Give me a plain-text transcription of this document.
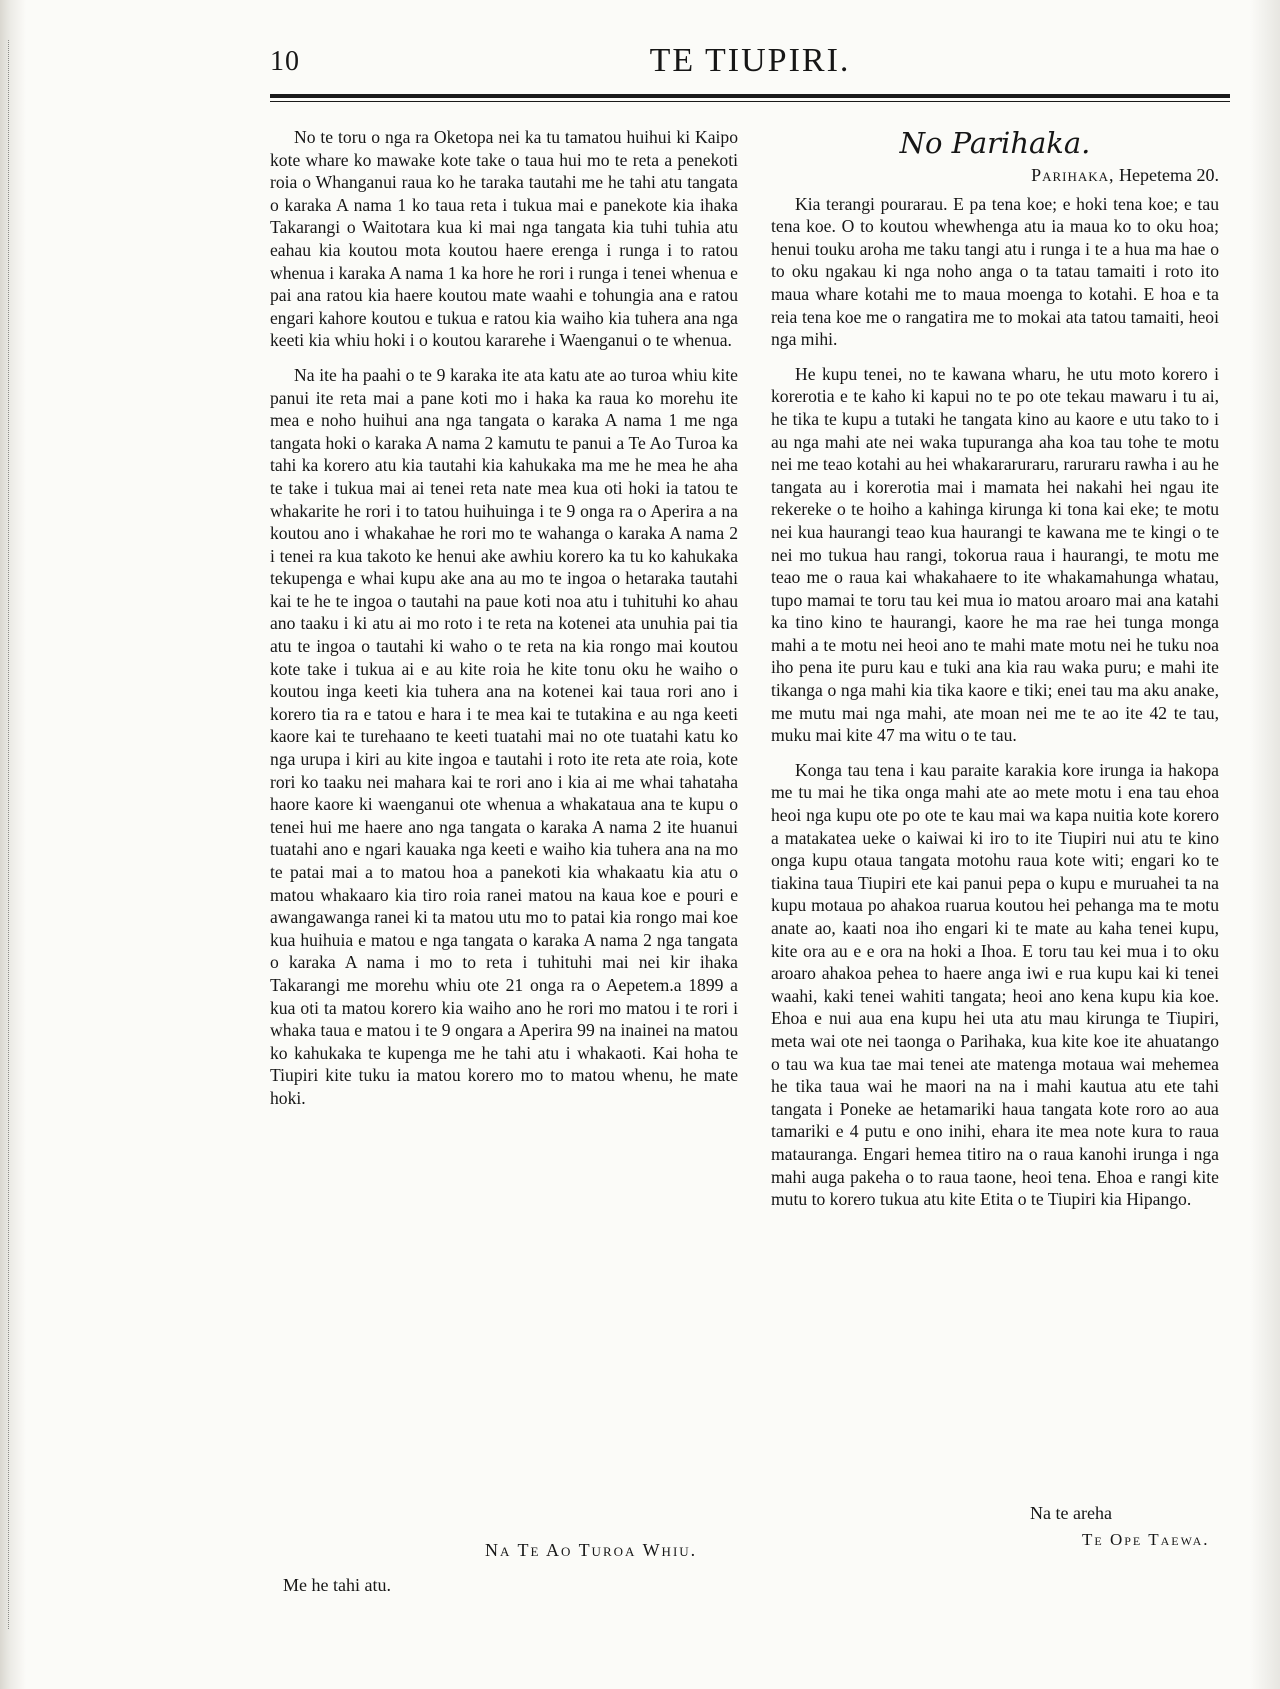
10	TE TIUPIRI.

No te toru o nga ra Oketopa nei ka tu tamatou huihui ki Kaipo kote whare ko mawake kote take o taua hui mo te reta a penekoti roia o Whanganui raua ko he taraka tautahi me he tahi atu tangata o karaka A nama 1 ko taua reta i tukua mai e panekote kia ihaka Takarangi o Waitotara kua ki mai nga tangata kia tuhi tuhia atu eahau kia koutou mota koutou haere erenga i runga i to ratou whenua i karaka A nama 1 ka hore he rori i runga i tenei whenua e pai ana ratou kia haere koutou mate waahi e tohungia ana e ratou engari kahore koutou e tukua e ratou kia waiho kia tuhera ana nga keeti kia whiu hoki i o koutou kararehe i Waenganui o te whenua.

Na ite ha paahi o te 9 karaka ite ata katu ate ao turoa whiu kite panui ite reta mai a pane koti mo i haka ka raua ko morehu ite mea e noho huihui ana nga tangata o karaka A nama 1 me nga tangata hoki o karaka A nama 2 kamutu te panui a Te Ao Turoa ka tahi ka korero atu kia tautahi kia kahukaka ma me he mea he aha te take i tukua mai ai tenei reta nate mea kua oti hoki ia tatou te whakarite he rori i to tatou huihuinga i te 9 onga ra o Aperira a na koutou ano i whakahae he rori mo te wahanga o karaka A nama 2 i tenei ra kua takoto ke henui ake awhiu korero ka tu ko kahukaka tekupenga e whai kupu ake ana au mo te ingoa o hetaraka tautahi kai te he te ingoa o tautahi na paue koti noa atu i tuhituhi ko ahau ano taaku i ki atu ai mo roto i te reta na kotenei ata unuhia pai tia atu te ingoa o tautahi ki waho o te reta na kia rongo mai koutou kote take i tukua ai e au kite roia he kite tonu oku he waiho o koutou inga keeti kia tuhera ana na kotenei kai taua rori ano i korero tia ra e tatou e hara i te mea kai te tutakina e au nga keeti kaore kai te turehaano te keeti tuatahi mai no ote tuatahi katu ko nga urupa i kiri au kite ingoa e tautahi i roto ite reta ate roia, kote rori ko taaku nei mahara kai te rori ano i kia ai me whai tahataha haore kaore ki waenganui ote whenua a whakataua ana te kupu o tenei hui me haere ano nga tangata o karaka A nama 2 ite huanui tuatahi ano e ngari kauaka nga keeti e waiho kia tuhera ana na mo te patai mai a to matou hoa a panekoti kia whakaatu kia atu o matou whakaaro kia tiro roia ranei matou na kaua koe e pouri e awangawanga ranei ki ta matou utu mo to patai kia rongo mai koe kua huihuia e matou e nga tangata o karaka A nama 2 nga tangata o karaka A nama i mo to reta i tuhituhi mai nei kir ihaka Takarangi me morehu whiu ote 21 onga ra o Aepetem.a 1899 a kua oti ta matou korero kia waiho ano he rori mo matou i te rori i whaka taua e matou i te 9 ongara a Aperira 99 na inainei na matou ko kahukaka te kupenga me he tahi atu i whakaoti. Kai hoha te Tiupiri kite tuku ia matou korero mo to matou whenu, he mate hoki.

Na Te Ao Turoa Whiu.
Me he tahi atu.
No Parihaka.
Parihaka, Hepetema 20.

Kia terangi pourarau. E pa tena koe; e hoki tena koe; e tau tena koe. O to koutou whewhenga atu ia maua ko to oku hoa; henui touku aroha me taku tangi atu i runga i te a hua ma hae o to oku ngakau ki nga noho anga o ta tatau tamaiti i roto ito maua whare kotahi me to maua moenga to kotahi. E hoa e ta reia tena koe me o rangatira me to mokai ata tatou tamaiti, heoi nga mihi.

He kupu tenei, no te kawana wharu, he utu moto korero i korerotia e te kaho ki kapui no te po ote tekau mawaru i tu ai, he tika te kupu a tutaki he tangata kino au kaore e utu tako to i au nga mahi ate nei waka tupuranga aha koa tau tohe te motu nei me teao kotahi au hei whakararuraru, raruraru rawha i au he tangata au i korerotia mai i mamata hei nakahi hei ngau ite rekereke o te hoiho a kahinga kirunga ki tona kai eke; te motu nei kua haurangi teao kua haurangi te kawana me te kingi o te nei mo tukua hau rangi, tokorua raua i haurangi, te motu me teao me o raua kai whakahaere to ite whakamahunga whatau, tupo mamai te toru tau kei mua io matou aroaro mai ana katahi ka tino kino te haurangi, kaore he ma rae hei tunga monga mahi a te motu nei heoi ano te mahi mate motu nei he tuku noa iho pena ite puru kau e tuki ana kia rau waka puru; e mahi ite tikanga o nga mahi kia tika kaore e tiki; enei tau ma aku anake, me mutu mai nga mahi, ate moan nei me te ao ite 42 te tau, muku mai kite 47 ma witu o te tau.

Konga tau tena i kau paraite karakia kore irunga ia hakopa me tu mai he tika onga mahi ate ao mete motu i ena tau ehoa heoi nga kupu ote po ote te kau mai wa kapa nuitia kote korero a matakatea ueke o kaiwai ki iro to ite Tiupiri nui atu te kino onga kupu otaua tangata motohu raua kote witi; engari ko te tiakina taua Tiupiri ete kai panui pepa o kupu e muruahei ta na kupu motaua po ahakoa ruarua koutou hei pehanga ma te motu anate ao, kaati noa iho engari ki te mate au kaha tenei kupu, kite ora au e e ora na hoki a Ihoa. E toru tau kei mua i to oku aroaro ahakoa pehea to haere anga iwi e rua kupu kai ki tenei waahi, kaki tenei wahiti tangata; heoi ano kena kupu kia koe. Ehoa e nui aua ena kupu hei uta atu mau kirunga te Tiupiri, meta wai ote nei taonga o Parihaka, kua kite koe ite ahuatango o tau wa kua tae mai tenei ate matenga motaua wai mehemea he tika taua wai he maori na na i mahi kautua atu ete tahi tangata i Poneke ae hetamariki haua tangata kote roro ao aua tamariki e 4 putu e ono inihi, ehara ite mea note kura to raua matauranga. Engari hemea titiro na o raua kanohi irunga i nga mahi auga pakeha o to raua taone, heoi tena. Ehoa e rangi kite mutu to korero tukua atu kite Etita o te Tiupiri kia Hipango.

Na te areha
Te Ope Taewa.
